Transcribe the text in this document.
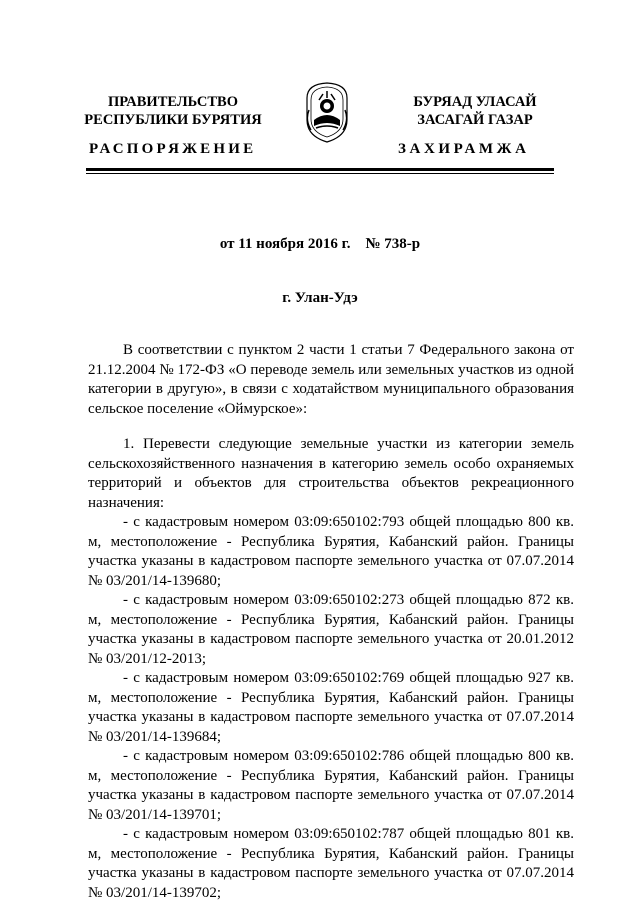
ПРАВИТЕЛЬСТВО
РЕСПУБЛИКИ БУРЯТИЯ
БУРЯАД УЛАСАЙ
ЗАСАГАЙ ГАЗАР
РАСПОРЯЖЕНИЕ	ЗАХИРАМЖА
от 11 ноября 2016 г.    № 738-р
г. Улан-Удэ

В соответствии с пунктом 2 части 1 статьи 7 Федерального закона от 21.12.2004 № 172-ФЗ «О переводе земель или земельных участков из одной категории в другую», в связи с ходатайством муниципального образования сельское поселение «Оймурское»:

1. Перевести следующие земельные участки из категории земель сельскохозяйственного назначения в категорию земель особо охраняемых территорий и объектов для строительства объектов рекреационного назначения:

- с кадастровым номером 03:09:650102:793 общей площадью 800 кв. м, местоположение - Республика Бурятия, Кабанский район. Границы участка указаны в кадастровом паспорте земельного участка от 07.07.2014 № 03/201/14-139680;

- с кадастровым номером 03:09:650102:273 общей площадью 872 кв. м, местоположение - Республика Бурятия, Кабанский район. Границы участка указаны в кадастровом паспорте земельного участка от 20.01.2012 № 03/201/12-2013;

- с кадастровым номером 03:09:650102:769 общей площадью 927 кв. м, местоположение - Республика Бурятия, Кабанский район. Границы участка указаны в кадастровом паспорте земельного участка от 07.07.2014 № 03/201/14-139684;

- с кадастровым номером 03:09:650102:786 общей площадью 800 кв. м, местоположение - Республика Бурятия, Кабанский район. Границы участка указаны в кадастровом паспорте земельного участка от 07.07.2014 № 03/201/14-139701;

- с кадастровым номером 03:09:650102:787 общей площадью 801 кв. м, местоположение - Республика Бурятия, Кабанский район. Границы участка указаны в кадастровом паспорте земельного участка от 07.07.2014 № 03/201/14-139702;
